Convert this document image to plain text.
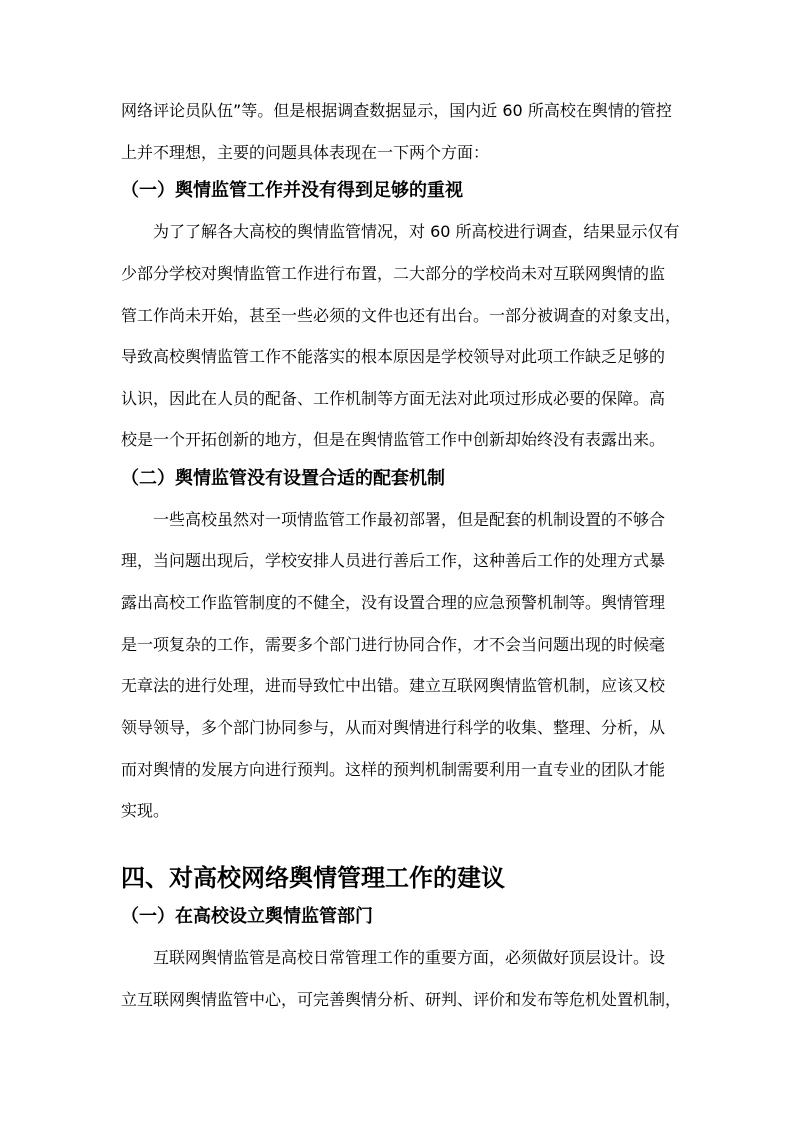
网络评论员队伍”等。但是根据调查数据显示，国内近 60 所高校在舆情的管控
上并不理想，主要的问题具体表现在一下两个方面：
（一）舆情监管工作并没有得到足够的重视
为了了解各大高校的舆情监管情况，对 60 所高校进行调查，结果显示仅有
少部分学校对舆情监管工作进行布置，二大部分的学校尚未对互联网舆情的监
管工作尚未开始，甚至一些必须的文件也还有出台。一部分被调查的对象支出，
导致高校舆情监管工作不能落实的根本原因是学校领导对此项工作缺乏足够的
认识，因此在人员的配备、工作机制等方面无法对此项过形成必要的保障。高
校是一个开拓创新的地方，但是在舆情监管工作中创新却始终没有表露出来。
（二）舆情监管没有设置合适的配套机制
一些高校虽然对一项情监管工作最初部署，但是配套的机制设置的不够合
理，当问题出现后，学校安排人员进行善后工作，这种善后工作的处理方式暴
露出高校工作监管制度的不健全，没有设置合理的应急预警机制等。舆情管理
是一项复杂的工作，需要多个部门进行协同合作，才不会当问题出现的时候毫
无章法的进行处理，进而导致忙中出错。建立互联网舆情监管机制，应该又校
领导领导，多个部门协同参与，从而对舆情进行科学的收集、整理、分析，从
而对舆情的发展方向进行预判。这样的预判机制需要利用一直专业的团队才能
实现。
四、对高校网络舆情管理工作的建议
（一）在高校设立舆情监管部门
互联网舆情监管是高校日常管理工作的重要方面，必须做好顶层设计。设
立互联网舆情监管中心，可完善舆情分析、研判、评价和发布等危机处置机制，
